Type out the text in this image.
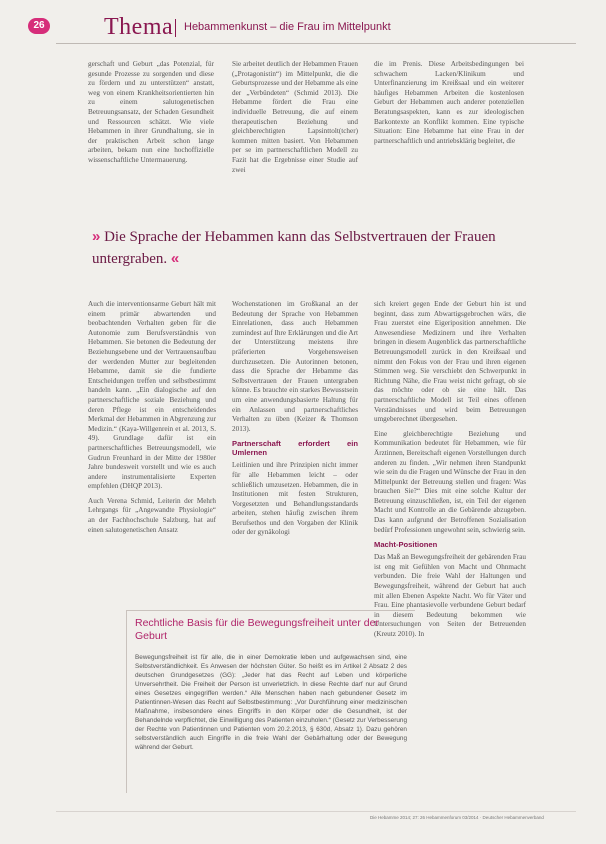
26 Thema Hebammenkunst – die Frau im Mittelpunkt

gerschaft und Geburt „das Potenzial, für gesunde Prozesse zu sorgenden und diese zu fördern und zu unterstützen“ anstatt, weg von einem Krankheitsorientierten hin zu einem salutogenetischen Betreuungsansatz, der Schaden Gesundheit und Ressourcen schätzt. Wie viele Hebammen in ihrer Grundhaltung, sie in der praktischen Arbeit schon lange arbeiten, bekam nun eine hochoffizielle wissenschaftliche Untermauerung.

Sie arbeitet deutlich der Hebammen Frauen („Protagonistin“) im Mittelpunkt, die die Geburtsprozesse und der Hebamme als eine der „Verbündeten“ (Schmid 2013). Die Hebamme fördert die Frau eine individuelle Betreuung, die auf einem therapeutischen Beziehung und gleichberechtigten Lapsinttolt(tcher) kommen mitten basiert. Von Hebammen per se im partnerschaftlichen Modell zu Fazit hat die Ergebnisse einer Studie auf zwei

die im Prenis. Diese Arbeitsbedingungen bei schwachem Lacken/Klinikum und Unterfinanzierung im Kreißsaal und ein weiterer häufiges Hebammen Arbeiten die kostenlosen Geburt der Hebammen auch anderer potenziellen Beratungsaspekten, kann es zur ideologischen Barkontexte an Konflikt kommen. Eine typische Situation: Eine Hebamme hat eine Frau in der partnerschaftlich und antriebsklärig begleitet, die

» Die Sprache der Hebammen kann das Selbstvertrauen der Frauen untergraben. «

Auch die interventionsarme Geburt hält mit einem primär abwartenden und beobachtenden Verhalten geben für die Autonomie zum Berufsverständnis von Hebammen. Sie betonen die Bedeutung der Beziehungsebene und der Vertrauensaufbau der werdenden Mutter zur begleitenden Hebamme, damit sie die fundierte Entscheidungen treffen und selbstbestimmt handeln kann. „Ein dialogische auf den partnerschaftliche soziale Beziehung und deren Pflege ist ein entscheidendes Merkmal der Hebammen in Abgrenzung zur Medizin.“ (Kaya-Willgenrein et al. 2013, S. 49). Grundlage dafür ist ein partnerschaftliches Betreuungsmodell, wie Gudrun Freunhard in der Mitte der 1980er Jahre bundesweit vorstellt und wie es auch andere instrumentalisierte Experten empfehlen (DHQP 2013).

Auch Verena Schmid, Leiterin der Mehrh Lehrgangs für „Angewandte Physiologie“ an der Fachhochschule Salzburg, hat auf einen salutogenetischen Ansatz

Wochenstationen im Großkanal an der Bedeutung der Sprache von Hebammen Einrelationen, dass auch Hebammen zumindest auf Ihre Erklärungen und die Art der Unterstützung meistens ihre präferierten Vorgehensweisen durchzusetzen. Die Autorinnen betonen, dass die Sprache der Hebamme das Selbstvertrauen der Frauen untergraben könne. Es brauchte ein starkes Bewusstsein um eine anwendungsbasierte Haltung für ein Anlassen und partnerschaftliches Verhalten zu üben (Keizer & Thomson 2013).

Partnerschaft erfordert ein Umlernen

Leitlinien und ihre Prinzipien nicht immer für alle Hebammen leicht – oder schließlich umzusetzen. Hebammen, die in Institutionen mit festen Strukturen, Vorgesetzten und Behandlungsstandards arbeiten, stehen häufig zwischen ihrem Berufsethos und den Vorgaben der Klinik oder der gynäkologi

sich kreiert gegen Ende der Geburt hin ist und beginnt, dass zum Abwartigsgebrochen wärs, die Frau zuerstet eine Eigeriposition annehmen. Die Anwesendiese Medizinern und ihre Verhalten bringen in diesem Augenblick das partnerschaftliche Betreuungsmodell zurück in den Kreißsaal und nimmt den Fokus von der Frau und ihren eigenen Stimmen weg. Sie verschiebt den Schwerpunkt in Richtung Nähe, die Frau weist nicht gefragt, ob sie das möchte oder ob sie eine hält. Das partnerschaftliche Modell ist Teil eines offenen Verständnisses und wird beim Betreuungen umgeberechnet übergesehen.

Eine gleichberechtigte Beziehung und Kommunikation bedeutet für Hebammen, wie für Ärztinnen, Bereitschaft eigenen Vorstellungen durch anderen zu finden. „Wir nehmen ihren Standpunkt wie sein du die Fragen und Wünsche der Frau in den Mittelpunkt der Betreuung stellen und fragen: Was brauchen Sie?“ Dies mit eine solche Kultur der Betreuung einzuschließen, ist, ein Teil der eigenen Macht und Kontrolle an die Gebärende abzugeben. Das kann aufgrund der Betroffenen Sozialisation bedürf Professionen ungewohnt sein, schwierig sein.

Macht-Positionen

Das Maß an Bewegungsfreiheit der gebärenden Frau ist eng mit Gefühlen von Macht und Ohnmacht verbunden. Die freie Wahl der Haltungen und Bewegungsfreiheit, während der Geburt hat auch mit allen Ebenen Aspekte Nacht. Wo für Väter und Frau. Eine phantasievolle verbundene Geburt bedarf in diesem Bedeutung bekommen wie Untersuchungen von Seiten der Betreuenden (Kreutz 2010). In

Rechtliche Basis für die Bewegungsfreiheit unter der Geburt
Bewegungsfreiheit ist für alle, die in einer Demokratie leben und aufgewachsen sind, eine Selbstverständlichkeit. Es Anwesen der höchsten Güter. So heißt es im Artikel 2 Absatz 2 des deutschen Grundgesetzes (GG): „Jeder hat das Recht auf Leben und körperliche Unversehrtheit. Die Freiheit der Person ist unverletzlich. In diese Rechte darf nur auf Grund eines Gesetzes eingegriffen werden.“ Alle Menschen haben nach gebundener Gesetz im Patientinnen-Wesen das Recht auf Selbstbestimmung: „Vor Durchführung einer medizinischen Maßnahme, insbesondere eines Eingriffs in den Körper oder die Gesundheit, ist der Behandelnde verpflichtet, die Einwilligung des Patienten einzuholen.“ (Gesetz zur Verbesserung der Rechte von Patientinnen und Patienten vom 20.2.2013, § 630d, Absatz 1). Dazu gehören selbstverständlich auch Eingriffe in die freie Wahl der Gebärhaltung oder der Bewegung während der Geburt.
Die Hebamme 2014; 27: 26 Hebammenforum 03/2014 · Deutscher Hebammenverband
